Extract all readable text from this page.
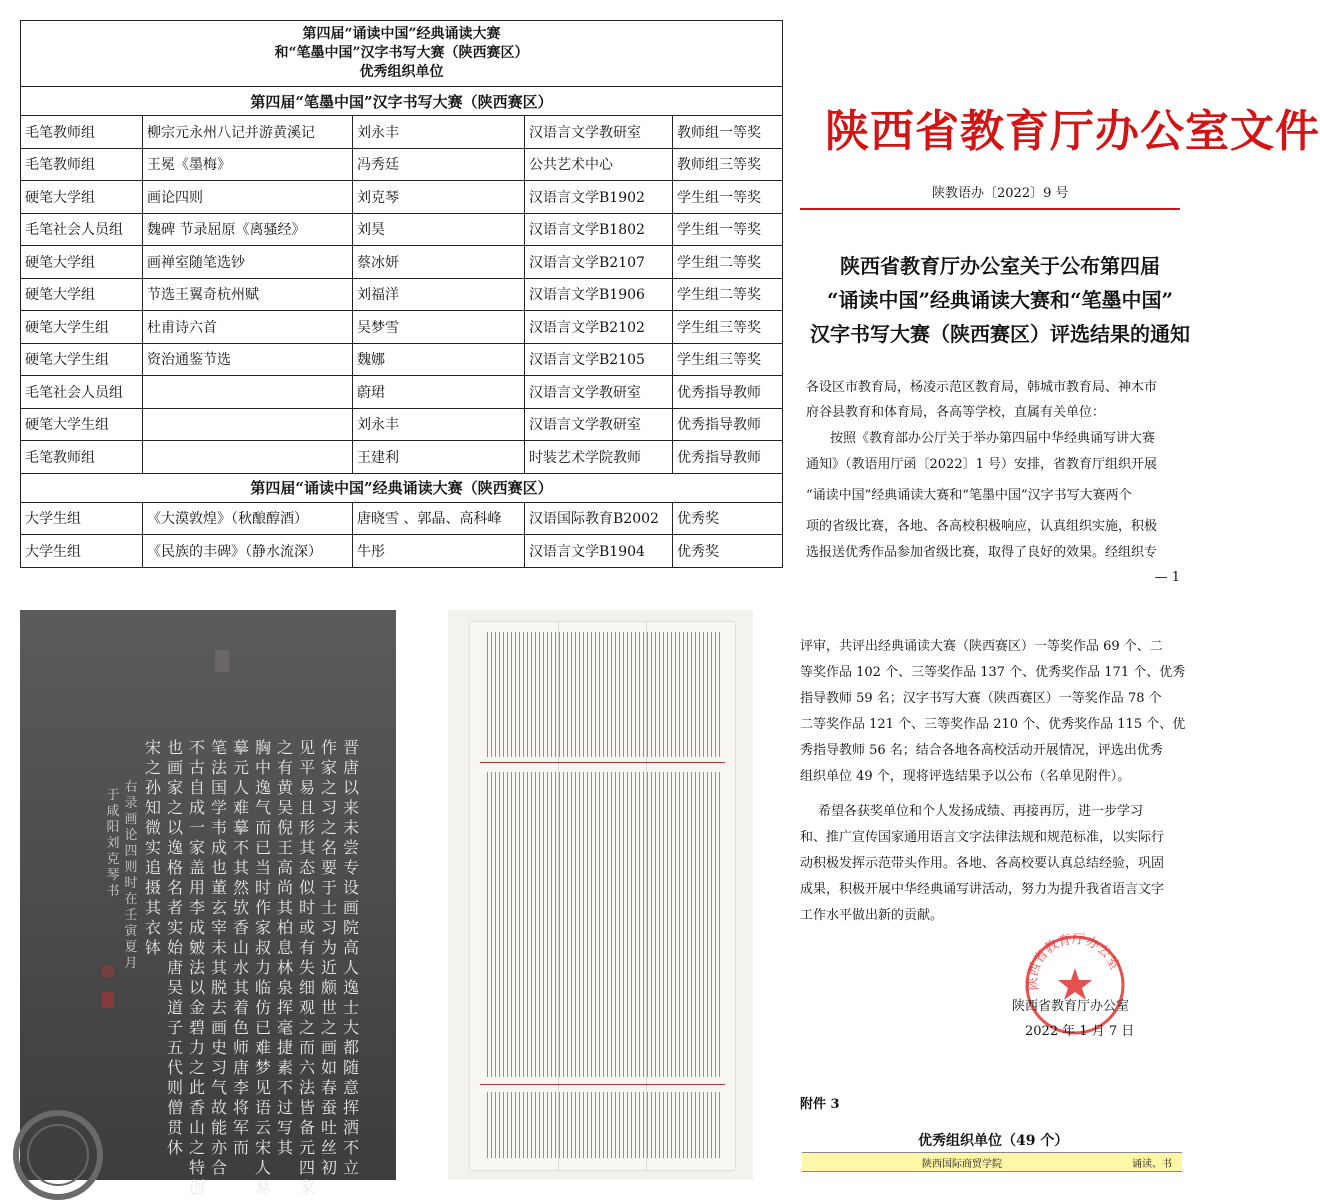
第四届“诵读中国”经典诵读大赛
和“笔墨中国”汉字书写大赛（陕西赛区）
优秀组织单位				

第四届“笔墨中国”汉字书写大赛（陕西赛区）				
毛笔教师组	柳宗元永州八记并游黄溪记	刘永丰	汉语言文学教研室	教师组一等奖
毛笔教师组	王冕《墨梅》	冯秀廷	公共艺术中心	教师组三等奖
硬笔大学组	画论四则	刘克琴	汉语言文学B1902	学生组一等奖
毛笔社会人员组	魏碑 节录屈原《离骚经》	刘昊	汉语言文学B1802	学生组一等奖
硬笔大学组	画禅室随笔选钞	蔡冰妍	汉语言文学B2107	学生组二等奖
硬笔大学组	节选王翼奇杭州赋	刘福洋	汉语言文学B1906	学生组二等奖
硬笔大学生组	杜甫诗六首	吴梦雪	汉语言文学B2102	学生组三等奖
硬笔大学生组	资治通鉴节选	魏娜	汉语言文学B2105	学生组三等奖
毛笔社会人员组		蔚珺	汉语言文学教研室	优秀指导教师
硬笔大学生组		刘永丰	汉语言文学教研室	优秀指导教师
毛笔教师组		王建利	时装艺术学院教师	优秀指导教师
第四届“诵读中国”经典诵读大赛（陕西赛区）				
大学生组	《大漠敦煌》（秋酿醇酒）	唐晓雪 、郭晶、高科峰	汉语国际教育B2002	优秀奖
大学生组	《民族的丰碑》（静水流深）	牛彤	汉语言文学B1904	优秀奖
陕西省教育厅办公室文件
陕教语办〔2022〕9 号
陕西省教育厅办公室关于公布第四届
“诵读中国”经典诵读大赛和“笔墨中国”
汉字书写大赛（陕西赛区）评选结果的通知
各设区市教育局，杨凌示范区教育局，韩城市教育局、神木市
府谷县教育和体育局，各高等学校，直属有关单位：
按照《教育部办公厅关于举办第四届中华经典诵写讲大赛
通知》（教语用厅函〔2022〕1 号）安排，省教育厅组织开展
“诵读中国”经典诵读大赛和“笔墨中国”汉字书写大赛两个
项的省级比赛，各地、各高校积极响应，认真组织实施，积极
选报送优秀作品参加省级比赛，取得了良好的效果。经组织专
— 1
评审，共评出经典诵读大赛（陕西赛区）一等奖作品 69 个、二
等奖作品 102 个、三等奖作品 137 个、优秀奖作品 171 个、优秀
指导教师 59 名；汉字书写大赛（陕西赛区）一等奖作品 78 个
二等奖作品 121 个、三等奖作品 210 个、优秀奖作品 115 个、优
秀指导教师 56 名；结合各地各高校活动开展情况，评选出优秀
组织单位 49 个，现将评选结果予以公布（名单见附件）。
希望各获奖单位和个人发扬成绩、再接再厉，进一步学习
和、推广宣传国家通用语言文字法律法规和规范标准，以实际行
动积极发挥示范带头作用。各地、各高校要认真总结经验，巩固
成果，积极开展中华经典诵写讲活动，努力为提升我省语言文字
工作水平做出新的贡献。
陕西省教育厅办公室
陕西省教育厅办公室
2022 年 1 月 7 日
附件 3
优秀组织单位（49 个）
陕西国际商贸学院	诵读、书
晋唐以来未尝专设画院高人逸士大都随意挥洒不立
作家之习之名要于士习为近颇世之画如春蚕吐丝初
见平易且形其态似时或有失细观之而六法皆备元四家
之有黄吴倪王高尚其柏息林泉挥毫捷素不过写其
胸中逸气而已当时作家叔力临仿已难梦见语云宋人易
摹元人难摹不其然欤香山水其着色师唐李将军而
笔法国学韦成也董玄宰未其脱去画史习气故能亦合
不古自成一家盖用李成皴法以金碧力之此香山之特创
也画家之以逸格名者实始唐吴道子五代则僧贯休
宋之孙知微实追摄其衣钵
右录画论四则时在壬寅夏月
于咸阳刘克琴书
